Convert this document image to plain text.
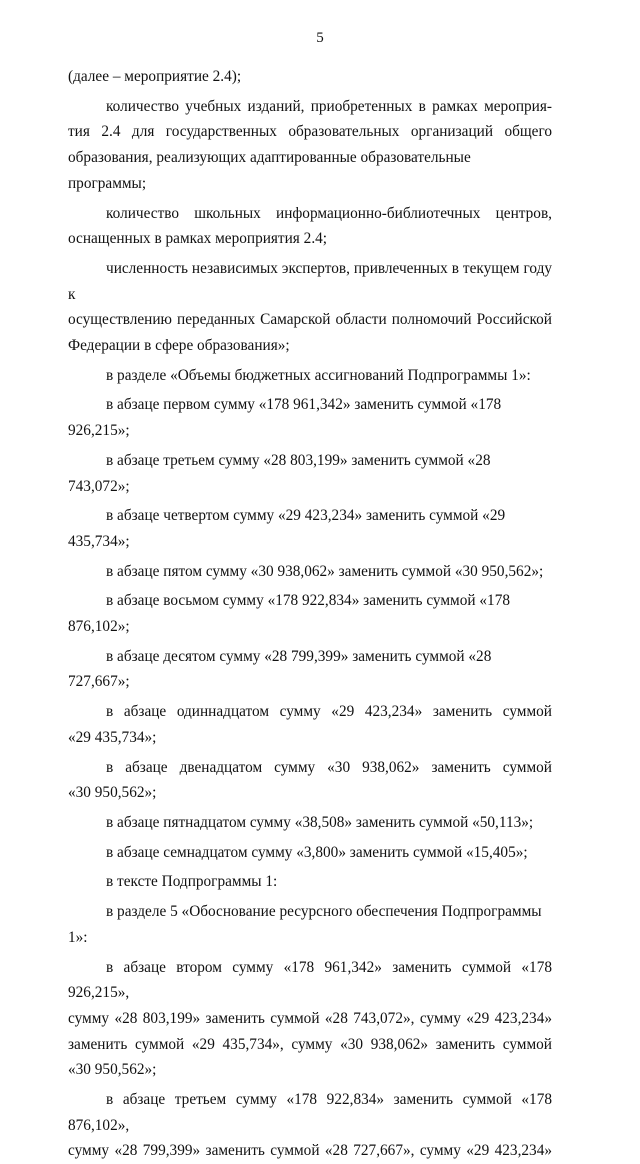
5

(далее – мероприятие 2.4);

количество учебных изданий, приобретенных в рамках мероприя-

тия 2.4 для государственных образовательных организаций общего

образования, реализующих адаптированные образовательные программы;

количество школьных информационно-библиотечных центров,

оснащенных в рамках мероприятия 2.4;

численность независимых экспертов, привлеченных в текущем году к

осуществлению переданных Самарской области полномочий Российской

Федерации в сфере образования»;

в разделе «Объемы бюджетных ассигнований Подпрограммы 1»:

в абзаце первом сумму «178 961,342» заменить суммой «178 926,215»;

в абзаце третьем сумму «28 803,199» заменить суммой «28 743,072»;

в абзаце четвертом сумму «29 423,234» заменить суммой «29 435,734»;

в абзаце пятом сумму «30 938,062» заменить суммой «30 950,562»;

в абзаце восьмом сумму «178 922,834» заменить суммой «178 876,102»;

в абзаце десятом сумму «28 799,399» заменить суммой «28 727,667»;

в абзаце одиннадцатом сумму «29 423,234» заменить суммой

«29 435,734»;

в абзаце двенадцатом сумму «30 938,062» заменить суммой

«30 950,562»;

в абзаце пятнадцатом сумму «38,508» заменить суммой «50,113»;

в абзаце семнадцатом сумму «3,800» заменить суммой «15,405»;

в тексте Подпрограммы 1:

в разделе 5 «Обоснование ресурсного обеспечения Подпрограммы 1»:

в абзаце втором сумму «178 961,342» заменить суммой «178 926,215»,

сумму «28 803,199» заменить суммой «28 743,072», сумму «29 423,234»

заменить суммой «29 435,734», сумму «30 938,062» заменить суммой

«30 950,562»;

в абзаце третьем сумму «178 922,834» заменить суммой «178 876,102»,

сумму «28 799,399» заменить суммой «28 727,667», сумму «29 423,234»
